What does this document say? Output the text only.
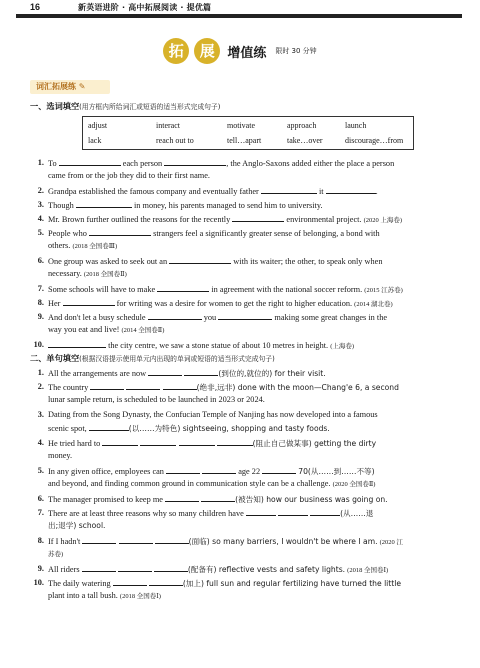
16	新英语进阶 · 高中拓展阅读 · 提优篇
拓 展 增值练 限时 30 分钟
词汇拓展练 ✎
一、选词填空(用方框内所给词汇或短语的适当形式完成句子)
adjust	interact	motivate	approach	launch
lack	reach out to	tell…apart	take…over	discourage…from
1. To	each person	, the Anglo-Saxons added either the place a person
came from or the job they did to their first name.
2. Grandpa established the famous company and eventually father	it	.
3. Though	in money, his parents managed to send him to university.
4. Mr. Brown further outlined the reasons for the recently	environmental project. (2020 上海卷)
5. People who	strangers feel a significantly greater sense of belonging, a bond with
others. (2018 全国卷Ⅲ)
6. One group was asked to seek out an	with its waiter; the other, to speak only when
necessary. (2018 全国卷Ⅱ)
7. Some schools will have to make	in agreement with the national soccer reform. (2015 江苏卷)
8. Her	for writing was a desire for women to get the right to higher education. (2014 湖北卷)
9. And don't let a busy schedule	you	making some great changes in the
way you eat and live! (2014 全国卷Ⅱ)
10.	the city centre, we saw a stone statue of about 10 metres in height. (上海卷)
二、单句填空(根据汉语提示使用单元内出现的单词或短语的适当形式完成句子)
1. All the arrangements are now	(到位的,就位的) for their visit.
2. The country	(绝非,远非) done with the moon—Chang'e 6, a second
lunar sample return, is scheduled to be launched in 2023 or 2024.
3. Dating from the Song Dynasty, the Confucian Temple of Nanjing has now developed into a famous
scenic spot,	(以……为特色) sightseeing, shopping and tasty foods.
4. He tried hard to	(阻止自己做某事) getting the dirty
money.
5. In any given office, employees can	age 22	70(从……到……不等)
and beyond, and finding common ground in communication style can be a challenge. (2020 全国卷Ⅱ)
6. The manager promised to keep me	(被告知) how our business was going on.
7. There are at least three reasons why so many children have	(从……退
出;退学) school.
8. If I hadn't	(面临) so many barriers, I wouldn't be where I am. (2020 江
苏卷)
9. All riders	(配备有) reflective vests and safety lights. (2018 全国卷Ⅰ)
10. The daily watering	(加上) full sun and regular fertilizing have turned the little
plant into a tall bush. (2018 全国卷Ⅰ)
